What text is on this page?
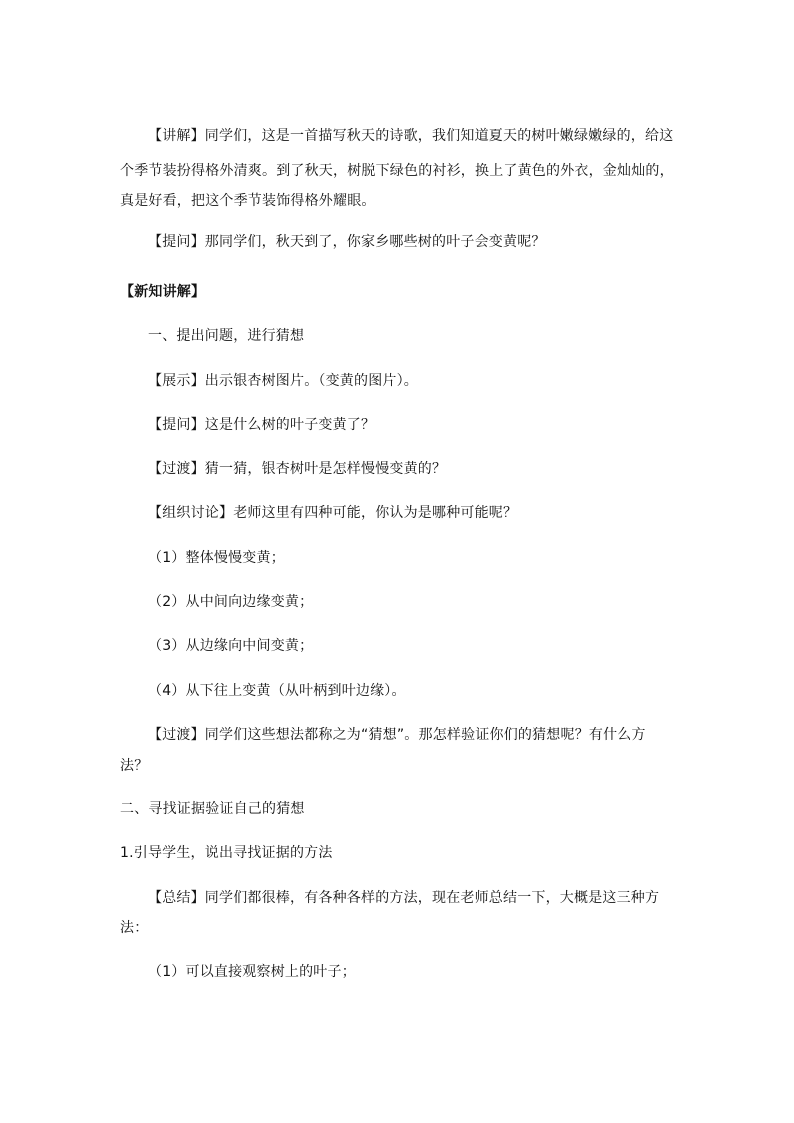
【讲解】同学们，这是一首描写秋天的诗歌，我们知道夏天的树叶嫩绿嫩绿的，给这
个季节装扮得格外清爽。到了秋天，树脱下绿色的衬衫，换上了黄色的外衣，金灿灿的，
真是好看，把这个季节装饰得格外耀眼。
【提问】那同学们，秋天到了，你家乡哪些树的叶子会变黄呢？
【新知讲解】
一、提出问题，进行猜想
【展示】出示银杏树图片。（变黄的图片）。
【提问】这是什么树的叶子变黄了？
【过渡】猜一猜，银杏树叶是怎样慢慢变黄的？
【组织讨论】老师这里有四种可能，你认为是哪种可能呢？
（1）整体慢慢变黄；
（2）从中间向边缘变黄；
（3）从边缘向中间变黄；
（4）从下往上变黄（从叶柄到叶边缘）。
【过渡】同学们这些想法都称之为“猜想”。那怎样验证你们的猜想呢？有什么方
法？
二、寻找证据验证自己的猜想
1.引导学生，说出寻找证据的方法
【总结】同学们都很棒，有各种各样的方法，现在老师总结一下，大概是这三种方
法：
（1）可以直接观察树上的叶子；
